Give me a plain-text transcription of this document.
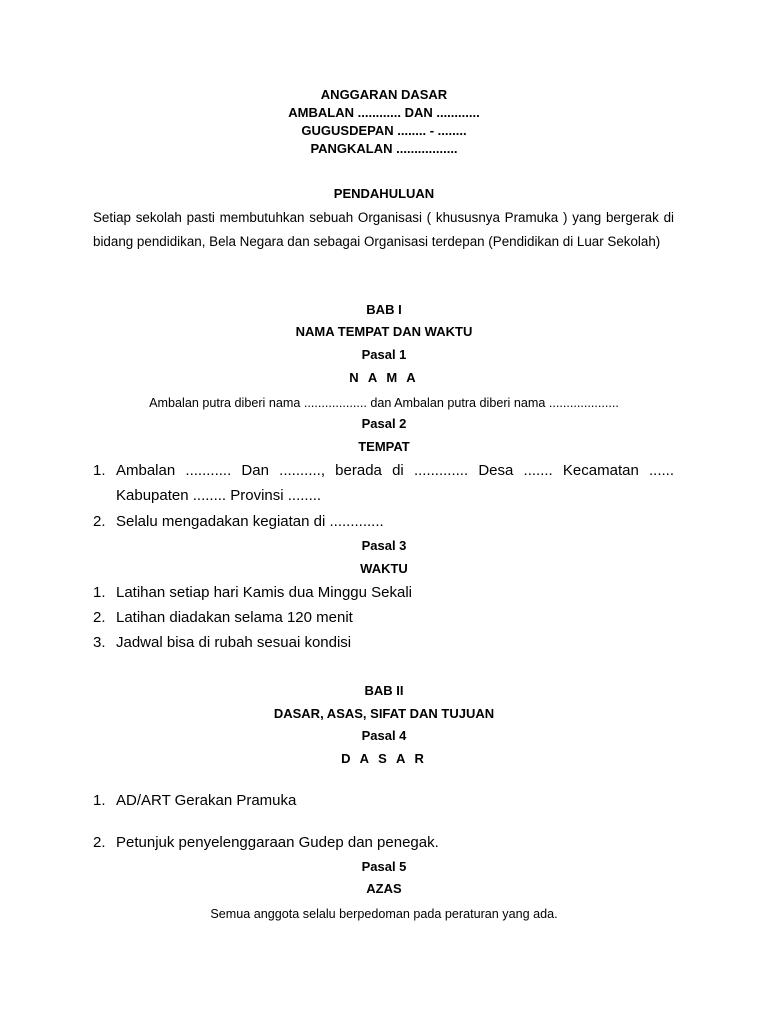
ANGGARAN DASAR
AMBALAN ............ DAN ............
GUGUSDEPAN ........ - ........
PANGKALAN .................
PENDAHULUAN
Setiap sekolah pasti membutuhkan sebuah Organisasi ( khususnya Pramuka ) yang bergerak di bidang pendidikan, Bela Negara dan sebagai Organisasi terdepan (Pendidikan di Luar Sekolah)
BAB I
NAMA TEMPAT DAN WAKTU
Pasal 1
N A M A
Ambalan putra diberi nama .................. dan Ambalan putra diberi nama ....................
Pasal 2
TEMPAT
1. Ambalan ........... Dan .........., berada di ............. Desa ....... Kecamatan ...... Kabupaten ........ Provinsi ........
2. Selalu mengadakan kegiatan di .............
Pasal 3
WAKTU
1. Latihan setiap hari Kamis dua Minggu Sekali
2. Latihan diadakan selama 120 menit
3. Jadwal bisa di rubah sesuai kondisi
BAB II
DASAR, ASAS, SIFAT DAN TUJUAN
Pasal 4
D A S A R
1. AD/ART Gerakan Pramuka
2. Petunjuk penyelenggaraan Gudep dan penegak.
Pasal 5
AZAS
Semua anggota selalu berpedoman pada peraturan yang ada.
